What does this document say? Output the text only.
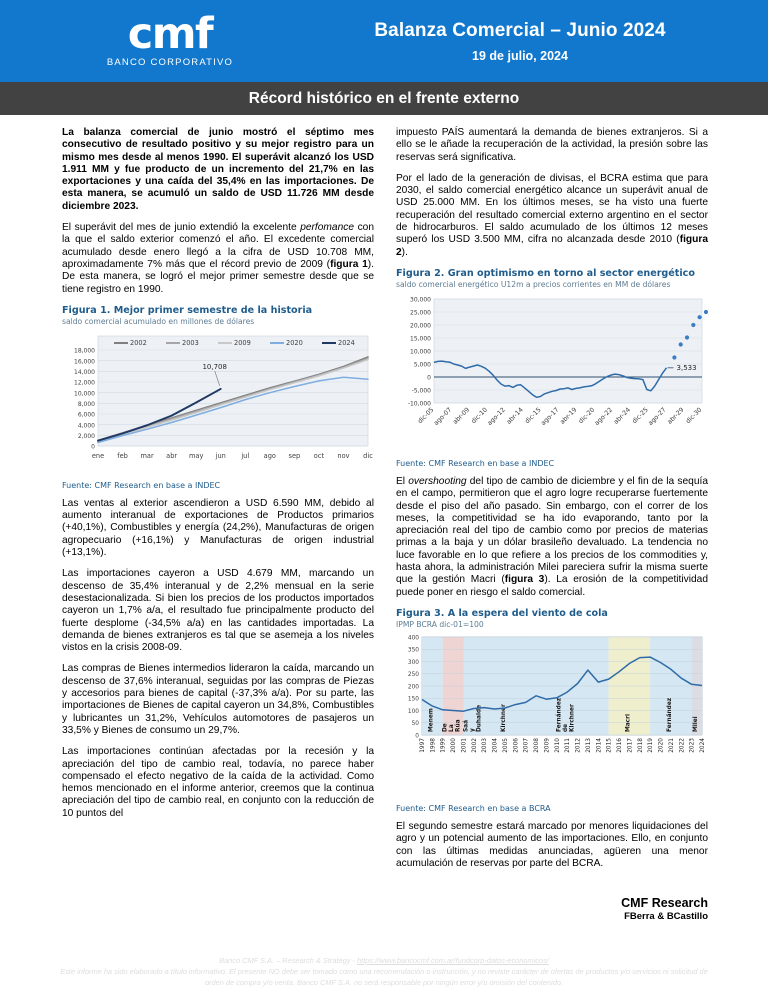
cmf
BANCO CORPORATIVO
Balanza Comercial – Junio 2024
19 de julio, 2024
Récord histórico en el frente externo

La balanza comercial de junio mostró el séptimo mes consecutivo de resultado positivo y su mejor registro para un mismo mes desde al menos 1990. El superávit alcanzó los USD 1.911 MM y fue producto de un incremento del 21,7% en las exportaciones y una caída del 35,4% en las importaciones. De esta manera, se acumuló un saldo de USD 11.726 MM desde diciembre 2023.

El superávit del mes de junio extendió la excelente perfomance con la que el saldo exterior comenzó el año. El excedente comercial acumulado desde enero llegó a la cifra de USD 10.708 MM, aproximadamente 7% más que el récord previo de 2009 (figura 1). De esta manera, se logró el mejor primer semestre desde que se tiene registro en 1990.

Figura 1. Mejor primer semestre de la historia
saldo comercial acumulado en millones de dólares
0
2,000
4,000
6,000
8,000
10,000
12,000
14,000
16,000
18,000
ene feb mar abr may jun jul ago sep oct nov dic
2002	2003	2009	2020	2024
10,708
Fuente: CMF Research en base a INDEC

Las ventas al exterior ascendieron a USD 6.590 MM, debido al aumento interanual de exportaciones de Productos primarios (+40,1%), Combustibles y energía (24,2%), Manufacturas de origen agropecuario (+16,1%) y Manufacturas de origen industrial (+13,1%).

Las importaciones cayeron a USD 4.679 MM, marcando un descenso de 35,4% interanual y de 2,2% mensual en la serie desestacionalizada. Si bien los precios de los productos importados cayeron un 1,7% a/a, el resultado fue principalmente producto del fuerte desplome (-34,5% a/a) en las cantidades importadas. La demanda de bienes extranjeros es tal que se asemeja a los niveles vistos en la crisis 2008-09.

Las compras de Bienes intermedios lideraron la caída, marcando un descenso de 37,6% interanual, seguidas por las compras de Piezas y accesorios para bienes de capital (-37,3% a/a). Por su parte, las importaciones de Bienes de capital cayeron un 34,8%, Combustibles y lubricantes un 31,2%, Vehículos automotores de pasajeros un 33,5% y Bienes de consumo un 29,7%.

Las importaciones continúan afectadas por la recesión y la apreciación del tipo de cambio real, todavía, no parece haber compensado el efecto negativo de la caída de la actividad. Como hemos mencionado en el informe anterior, creemos que la continua apreciación del tipo de cambio real, en conjunto con la reducción de 10 puntos del

impuesto PAÍS aumentará la demanda de bienes extranjeros. Si a ello se le añade la recuperación de la actividad, la presión sobre las reservas será significativa.

Por el lado de la generación de divisas, el BCRA estima que para 2030, el saldo comercial energético alcance un superávit anual de USD 25.000 MM. En los últimos meses, se ha visto una fuerte recuperación del resultado comercial externo argentino en el sector de hidrocarburos. El saldo acumulado de los últimos 12 meses superó los USD 3.500 MM, cifra no alcanzada desde 2010 (figura 2).

Figura 2. Gran optimismo en torno al sector energético
saldo comercial energético U12m a precios corrientes en MM de dólares
-10,000
-5,000
0
5,000
10,000
15,000
20,000
25,000
30,000
3,533
dic-05
ago-07
abr-09 dic-10
ago-12
abr-14 dic-15
ago-17
abr-19 dic-20
ago-22
abr-24 dic-25
ago-27
abr-29 dic-30
Fuente: CMF Research en base a INDEC

El overshooting del tipo de cambio de diciembre y el fin de la sequía en el campo, permitieron que el agro logre recuperarse fuertemente desde el piso del año pasado. Sin embargo, con el correr de los meses, la competitividad se ha ido evaporando, tanto por la apreciación real del tipo de cambio como por precios de materias primas a la baja y un dólar brasileño devaluado. La tendencia no luce favorable en lo que refiere a los precios de los commodities y, hasta ahora, la administración Milei pareciera sufrir la misma suerte que la gestión Macri (figura 3). La erosión de la competitividad puede poner en riesgo el saldo comercial.

Figura 3. A la espera del viento de cola
IPMP BCRA dic-01=100
0
50
100
150
200
250
300
350
400
Menem De La Rúa Saá y Duhalde	Kirchner	Fernández de Kirchner	Macri	Fernández	Milei
1997 1998 1999 2000 2001 2002 2003 2004 2005 2006 2007 2008 2009 2010 2011 2012 2013 2014 2015 2016 2017 2018 2019 2020 2021 2022 2023 2024
Fuente: CMF Research en base a BCRA

El segundo semestre estará marcado por menores liquidaciones del agro y un potencial aumento de las importaciones. Ello, en conjunto con las últimas medidas anunciadas, agüeren una menor acumulación de reservas por parte del BCRA.

CMF Research
FBerra & BCastillo
Banco CMF S.A. – Research & Strategy - https://www.bancocmf.com.ar/fundcorp-datos-economicos/
Este informe ha sido elaborado a título informativo. El presente NO debe ser tomado como una recomendación o instrucción, y no reviste carácter de ofertas de productos y/o servicios ni solicitud de orden de compra y/o venta. Banco CMF S.A. no será responsable por ningún error y/u omisión del contenido.
